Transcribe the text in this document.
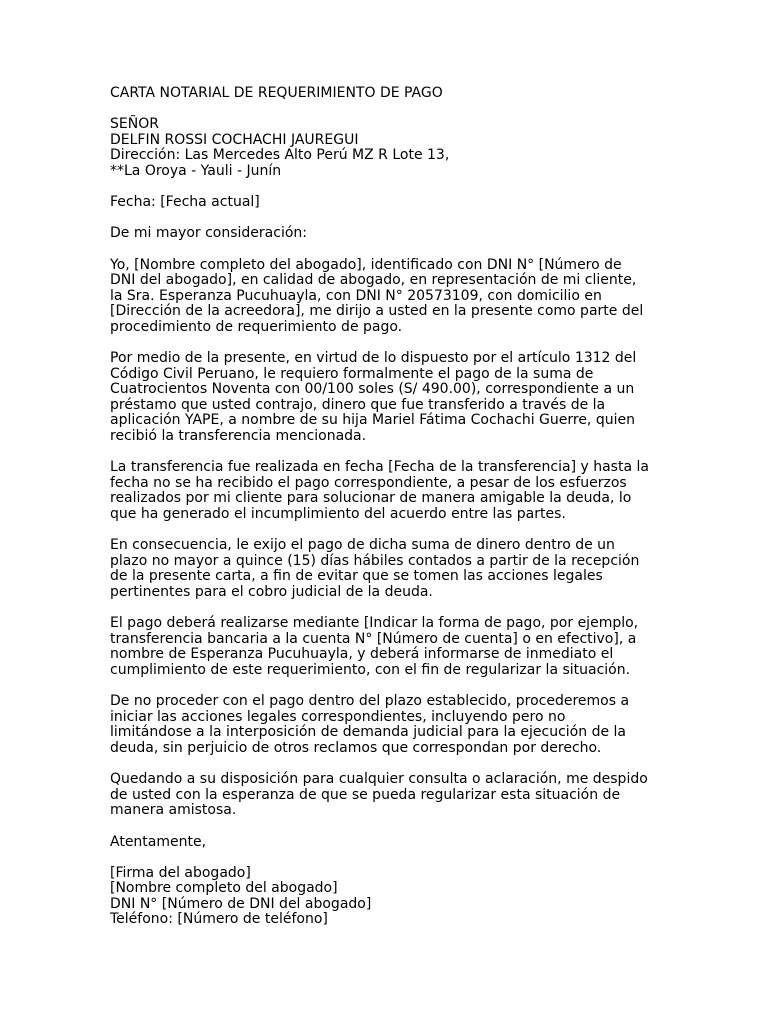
CARTA NOTARIAL DE REQUERIMIENTO DE PAGO
SEÑOR
DELFIN ROSSI COCHACHI JAUREGUI
Dirección: Las Mercedes Alto Perú MZ R Lote 13,
**La Oroya - Yauli - Junín
Fecha: [Fecha actual]
De mi mayor consideración:
Yo, [Nombre completo del abogado], identificado con DNI N° [Número de
DNI del abogado], en calidad de abogado, en representación de mi cliente,
la Sra. Esperanza Pucuhuayla, con DNI N° 20573109, con domicilio en
[Dirección de la acreedora], me dirijo a usted en la presente como parte del
procedimiento de requerimiento de pago.
Por medio de la presente, en virtud de lo dispuesto por el artículo 1312 del
Código Civil Peruano, le requiero formalmente el pago de la suma de
Cuatrocientos Noventa con 00/100 soles (S/ 490.00), correspondiente a un
préstamo que usted contrajo, dinero que fue transferido a través de la
aplicación YAPE, a nombre de su hija Mariel Fátima Cochachi Guerre, quien
recibió la transferencia mencionada.
La transferencia fue realizada en fecha [Fecha de la transferencia] y hasta la
fecha no se ha recibido el pago correspondiente, a pesar de los esfuerzos
realizados por mi cliente para solucionar de manera amigable la deuda, lo
que ha generado el incumplimiento del acuerdo entre las partes.
En consecuencia, le exijo el pago de dicha suma de dinero dentro de un
plazo no mayor a quince (15) días hábiles contados a partir de la recepción
de la presente carta, a fin de evitar que se tomen las acciones legales
pertinentes para el cobro judicial de la deuda.
El pago deberá realizarse mediante [Indicar la forma de pago, por ejemplo,
transferencia bancaria a la cuenta N° [Número de cuenta] o en efectivo], a
nombre de Esperanza Pucuhuayla, y deberá informarse de inmediato el
cumplimiento de este requerimiento, con el fin de regularizar la situación.
De no proceder con el pago dentro del plazo establecido, procederemos a
iniciar las acciones legales correspondientes, incluyendo pero no
limitándose a la interposición de demanda judicial para la ejecución de la
deuda, sin perjuicio de otros reclamos que correspondan por derecho.
Quedando a su disposición para cualquier consulta o aclaración, me despido
de usted con la esperanza de que se pueda regularizar esta situación de
manera amistosa.
Atentamente,
[Firma del abogado]
[Nombre completo del abogado]
DNI N° [Número de DNI del abogado]
Teléfono: [Número de teléfono]
